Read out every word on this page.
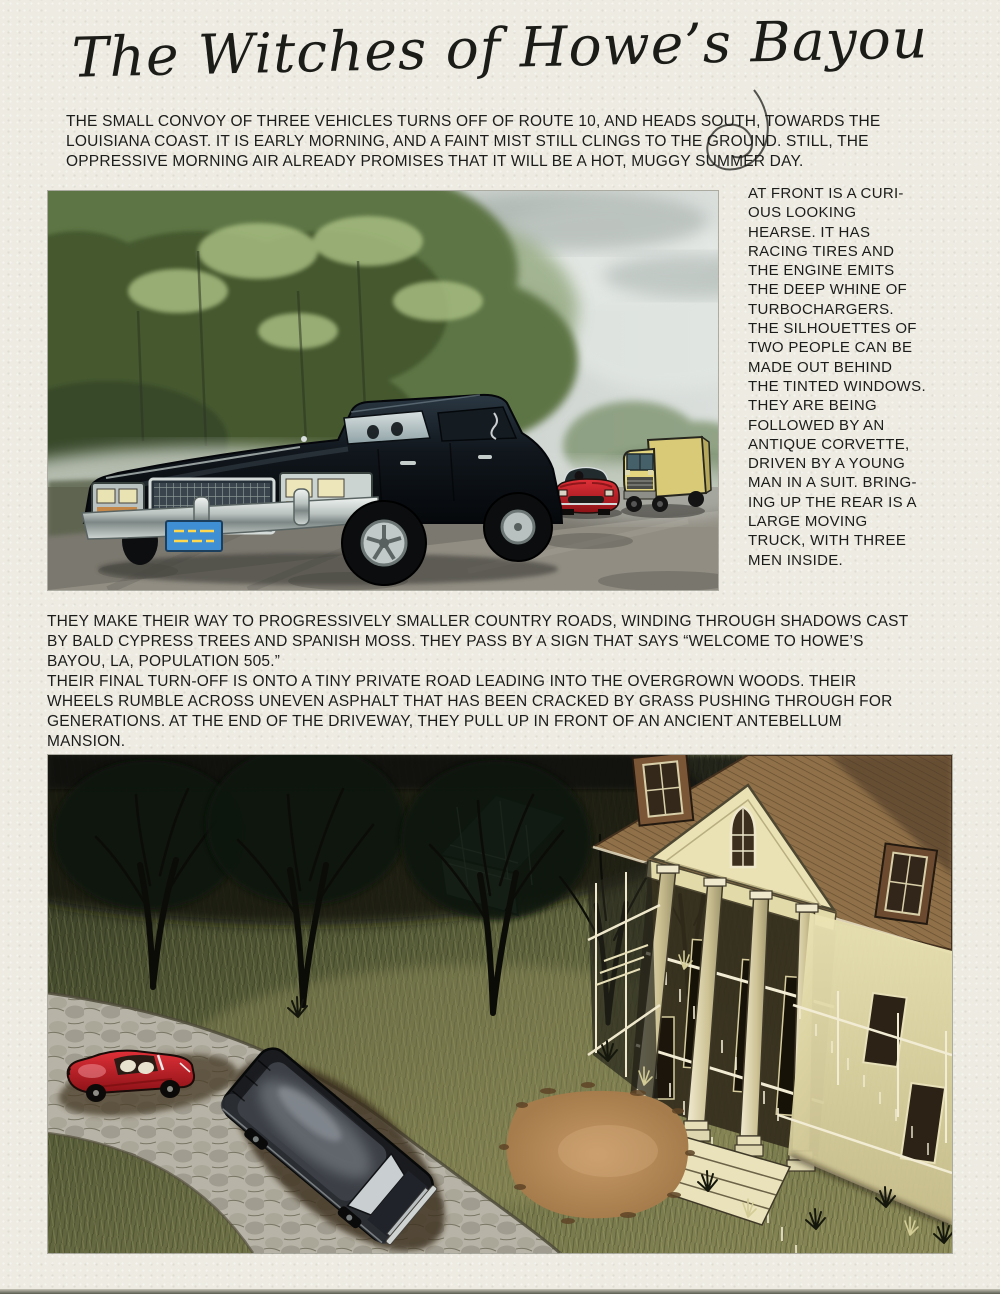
The Witches of Howe’s Bayou
THE SMALL CONVOY OF THREE VEHICLES TURNS OFF OF ROUTE 10, AND HEADS SOUTH, TOWARDS THE
LOUISIANA COAST. IT IS EARLY MORNING, AND A FAINT MIST STILL CLINGS TO THE GROUND. STILL, THE
OPPRESSIVE MORNING AIR ALREADY PROMISES THAT IT WILL BE A HOT, MUGGY SUMMER DAY.
AT FRONT IS A CURI-
OUS LOOKING
HEARSE. IT HAS
RACING TIRES AND
THE ENGINE EMITS
THE DEEP WHINE OF
TURBOCHARGERS.
THE SILHOUETTES OF
TWO PEOPLE CAN BE
MADE OUT BEHIND
THE TINTED WINDOWS.
THEY ARE BEING
FOLLOWED BY AN
ANTIQUE CORVETTE,
DRIVEN BY A YOUNG
MAN IN A SUIT. BRING-
ING UP THE REAR IS A
LARGE MOVING
TRUCK, WITH THREE
MEN INSIDE.
THEY MAKE THEIR WAY TO PROGRESSIVELY SMALLER COUNTRY ROADS, WINDING THROUGH SHADOWS CAST
BY BALD CYPRESS TREES AND SPANISH MOSS. THEY PASS BY A SIGN THAT SAYS “WELCOME TO HOWE’S
BAYOU, LA, POPULATION 505.”
THEIR FINAL TURN-OFF IS ONTO A TINY PRIVATE ROAD LEADING INTO THE OVERGROWN WOODS. THEIR
WHEELS RUMBLE ACROSS UNEVEN ASPHALT THAT HAS BEEN CRACKED BY GRASS PUSHING THROUGH FOR
GENERATIONS. AT THE END OF THE DRIVEWAY, THEY PULL UP IN FRONT OF AN ANCIENT ANTEBELLUM
MANSION.
